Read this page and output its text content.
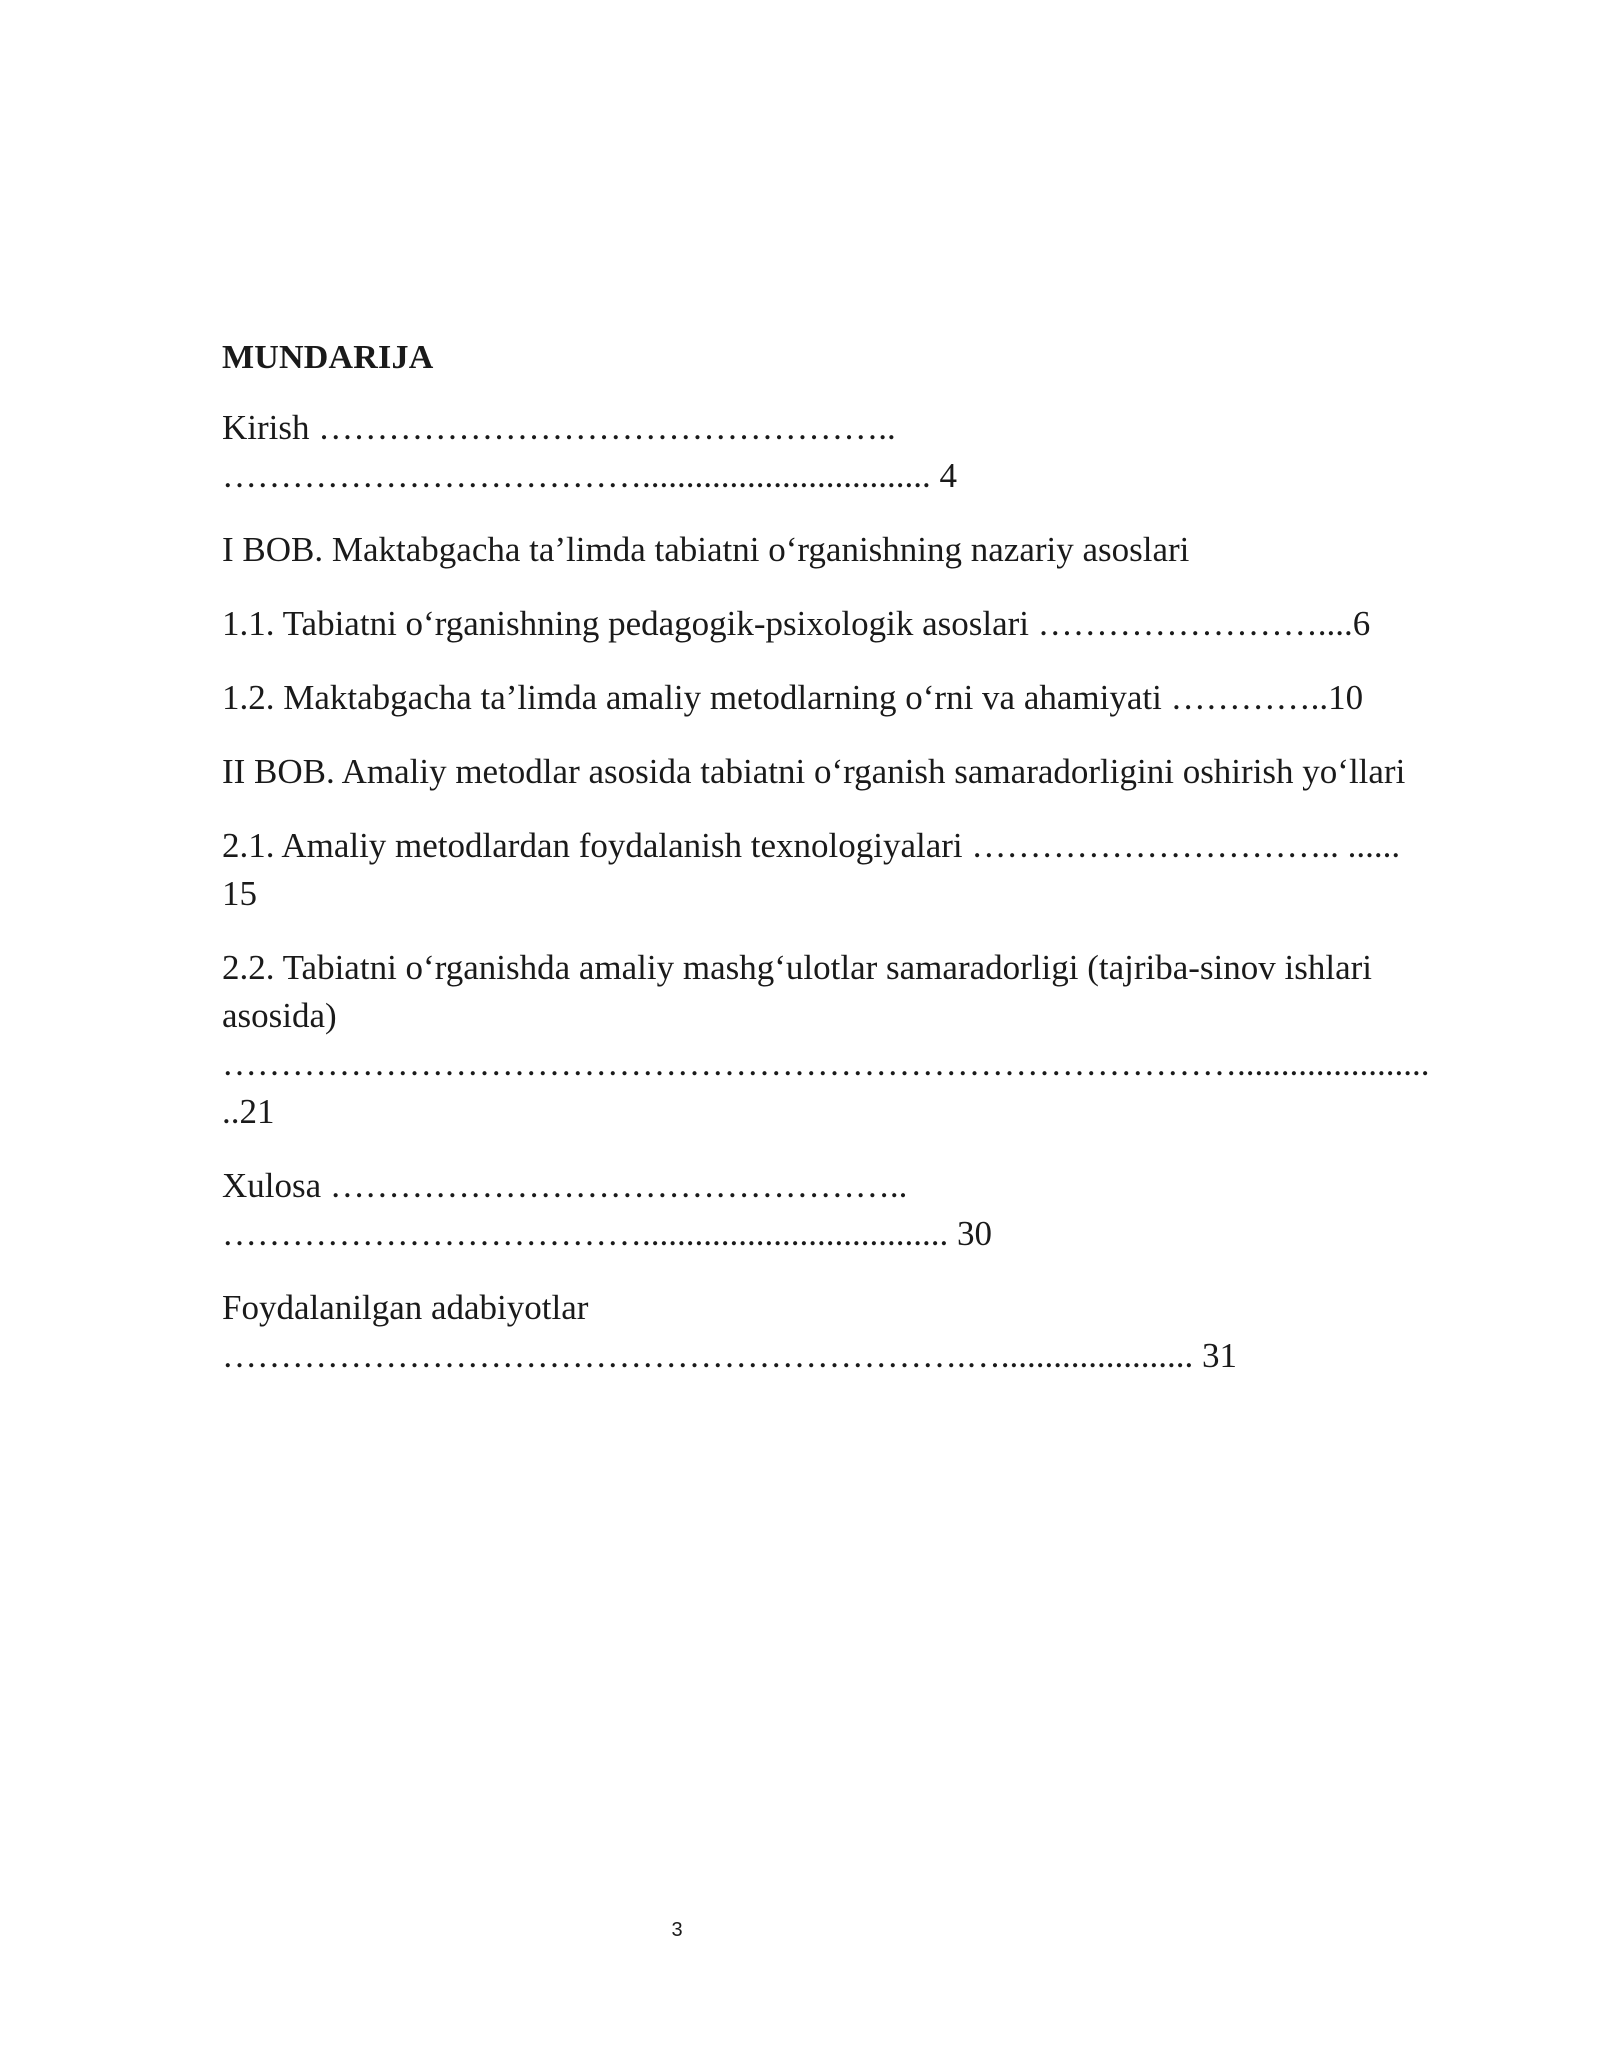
MUNDARIJA
Kirish …………………………………………..
………………………………................................. 4
I BOB. Maktabgacha ta’limda tabiatni o‘rganishning nazariy asoslari
1.1. Tabiatni o‘rganishning pedagogik-psixologik asoslari ……………………....6
1.2. Maktabgacha ta’limda amaliy metodlarning o‘rni va ahamiyati …………..10
II BOB. Amaliy metodlar asosida tabiatni o‘rganish samaradorligini oshirish yo‘llari
2.1. Amaliy metodlardan foydalanish texnologiyalari ………………………….. ......
15
2.2. Tabiatni o‘rganishda amaliy mashg‘ulotlar samaradorligi (tajriba-sinov ishlari
asosida)
……………………………………………………………………………......................
..21
Xulosa …………………………………………..
………………………………................................... 30
Foydalanilgan adabiyotlar
……………………………………………………….…...................... 31
3
